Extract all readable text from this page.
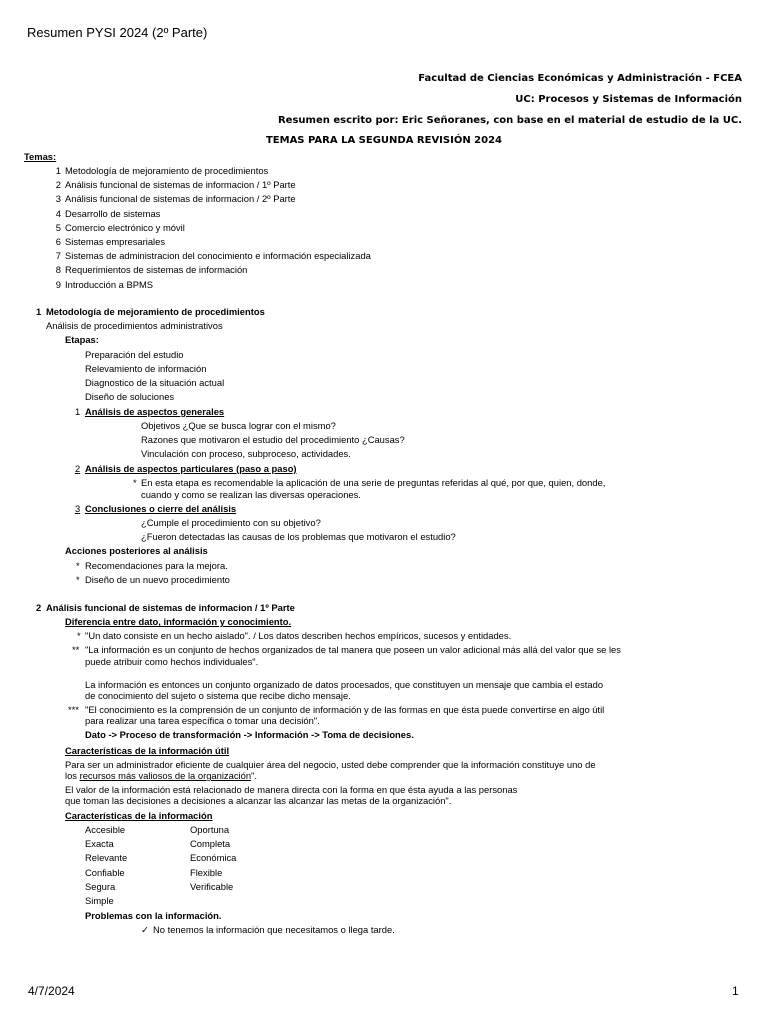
Resumen PYSI 2024 (2º Parte)
Facultad de Ciencias Económicas y Administración - FCEA
UC: Procesos y Sistemas de Información
Resumen escrito por: Eric Señoranes, con base en el material de estudio de la UC.
TEMAS PARA LA SEGUNDA REVISIÓN 2024
Temas:
1 Metodología de mejoramiento de procedimientos
2 Análisis funcional de sistemas de informacion / 1º Parte
3 Análisis funcional de sistemas de informacion / 2º Parte
4 Desarrollo de sistemas
5 Comercio electrónico y móvil
6 Sistemas empresariales
7 Sistemas de administracion del conocimiento e información especializada
8 Requerimientos de sistemas de información
9 Introducción a BPMS
1 Metodología de mejoramiento de procedimientos
Análisis de procedimientos administrativos
Etapas:
Preparación del estudio
Relevamiento de información
Diagnostico de la situación actual
Diseño de soluciones
1 Análisis de aspectos generales
Objetivos ¿Que se busca lograr con el mismo?
Razones que motivaron el estudio del procedimiento ¿Causas?
Vinculación con proceso, subproceso, actividades.
2 Análisis de aspectos particulares (paso a paso)
* En esta etapa es recomendable la aplicación de una serie de preguntas referidas al qué, por que, quien, donde,
cuando y como se realizan las diversas operaciones.
3 Conclusiones o cierre del análisis
¿Cumple el procedimiento con su objetivo?
¿Fueron detectadas las causas de los problemas que motivaron el estudio?
Acciones posteriores al análisis
* Recomendaciones para la mejora.
* Diseño de un nuevo procedimiento
2 Análisis funcional de sistemas de informacion / 1º Parte
Diferencia entre dato, información y conocimiento.
* "Un dato consiste en un hecho aislado". / Los datos describen hechos empíricos, sucesos y entidades.
** "La información es un conjunto de hechos organizados de tal manera que poseen un valor adicional más allá del valor que se les
puede atribuir como hechos individuales".
La información es entonces un conjunto organizado de datos procesados, que constituyen un mensaje que cambia el estado
de conocimiento del sujeto o sistema que recibe dicho mensaje.
*** "El conocimiento es la comprensión de un conjunto de información y de las formas en que ésta puede convertirse en algo útil
para realizar una tarea específica o tomar una decisión".
Dato -> Proceso de transformación -> Información -> Toma de decisiones.
Características de la información útil
Para ser un administrador eficiente de cualquier área del negocio, usted debe comprender que la información constituye uno de
los recursos más valiosos de la organización".
El valor de la información está relacionado de manera directa con la forma en que ésta ayuda a las personas
que toman las decisiones a decisiones a alcanzar las alcanzar las metas de la organización".
Características de la información
Accesible
Exacta
Relevante
Confiable
Segura
Simple
Oportuna
Completa
Económica
Flexible
Verificable
Problemas con la información.
✓ No tenemos la información que necesitamos o llega tarde.
4/7/2024	1
